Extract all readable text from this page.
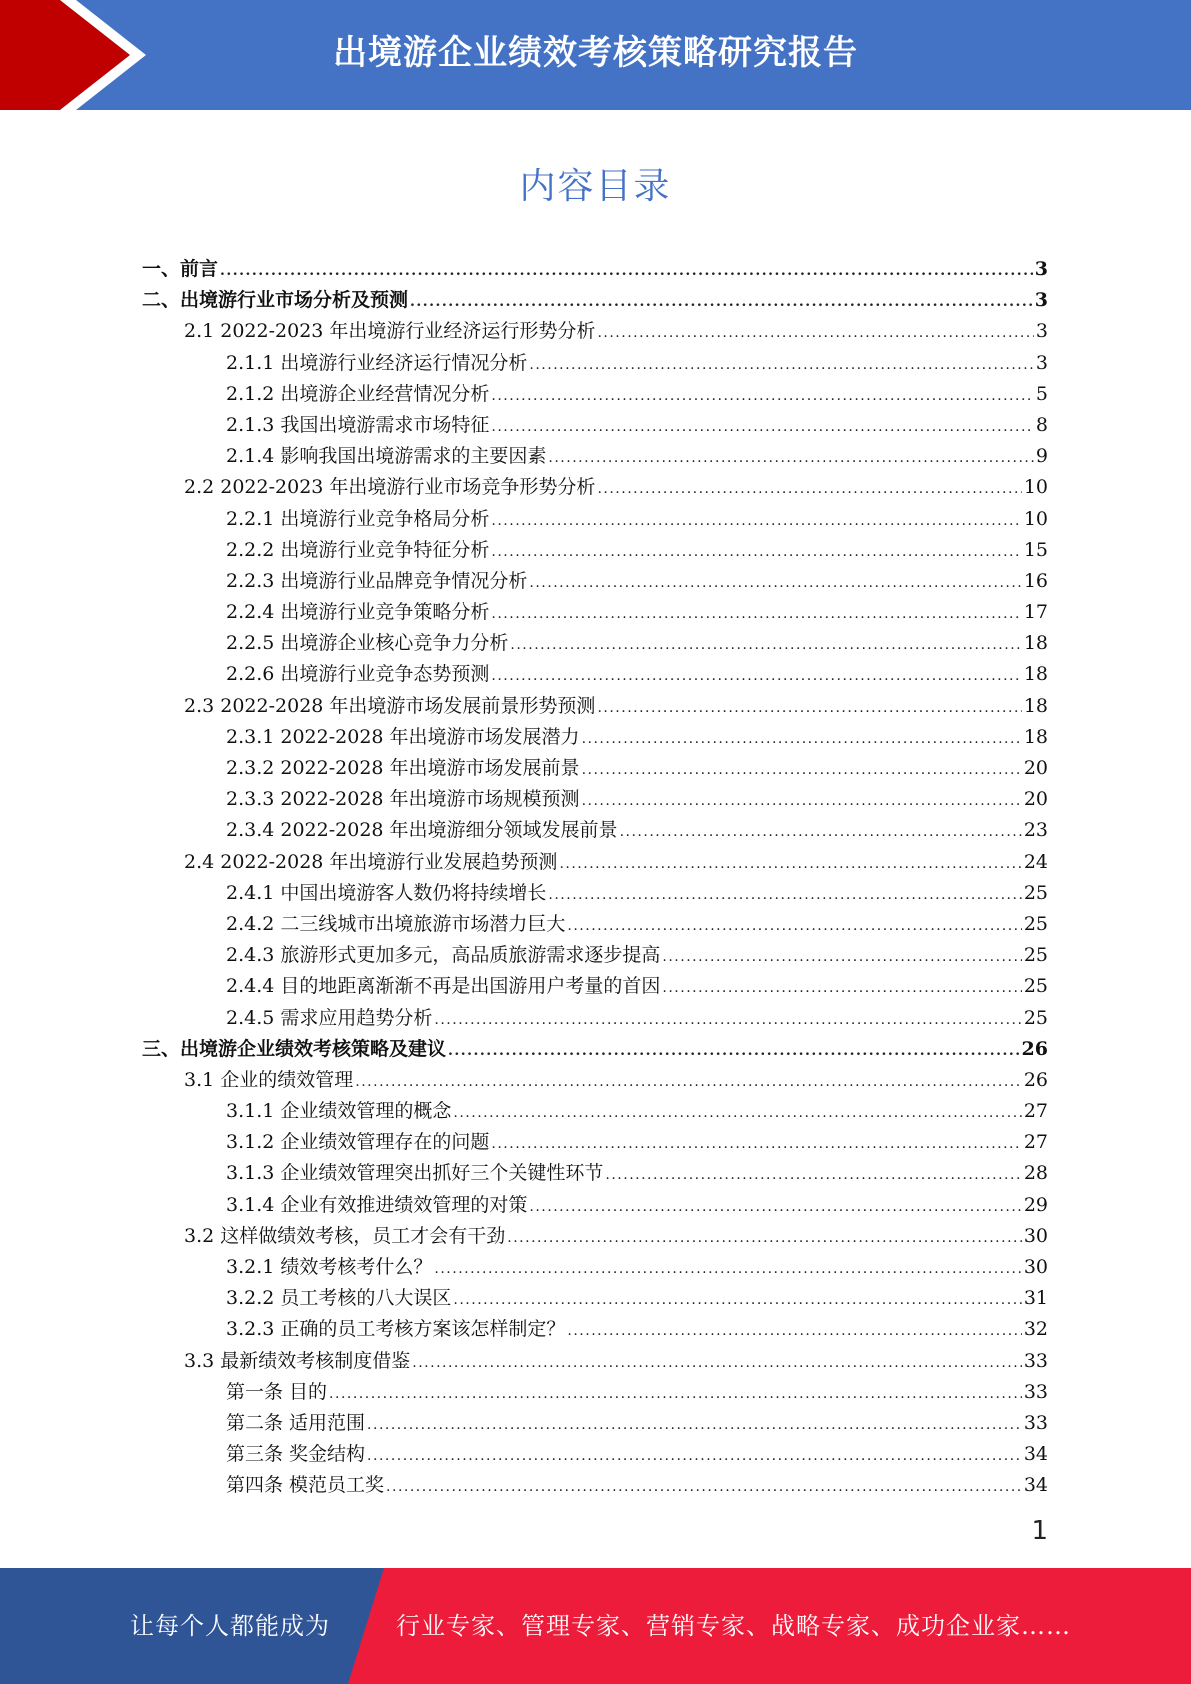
出境游企业绩效考核策略研究报告
内容目录
一、前言 .....	3
二、出境游行业市场分析及预测 .....	3
2.1 2022-2023 年出境游行业经济运行形势分析 .....	3
2.1.1 出境游行业经济运行情况分析 .....	3
2.1.2 出境游企业经营情况分析 .....	5
2.1.3 我国出境游需求市场特征 .....	8
2.1.4 影响我国出境游需求的主要因素 .....	9
2.2 2022-2023 年出境游行业市场竞争形势分析 .....	10
2.2.1 出境游行业竞争格局分析 .....	10
2.2.2 出境游行业竞争特征分析 .....	15
2.2.3 出境游行业品牌竞争情况分析 .....	16
2.2.4 出境游行业竞争策略分析 .....	17
2.2.5 出境游企业核心竞争力分析 .....	18
2.2.6 出境游行业竞争态势预测 .....	18
2.3 2022-2028 年出境游市场发展前景形势预测 .....	18
2.3.1 2022-2028 年出境游市场发展潜力 .....	18
2.3.2 2022-2028 年出境游市场发展前景 .....	20
2.3.3 2022-2028 年出境游市场规模预测 .....	20
2.3.4 2022-2028 年出境游细分领域发展前景 .....	23
2.4 2022-2028 年出境游行业发展趋势预测 .....	24
2.4.1 中国出境游客人数仍将持续增长 .....	25
2.4.2 二三线城市出境旅游市场潜力巨大 .....	25
2.4.3 旅游形式更加多元，高品质旅游需求逐步提高 .....	25
2.4.4 目的地距离渐渐不再是出国游用户考量的首因 .....	25
2.4.5 需求应用趋势分析 .....	25
三、出境游企业绩效考核策略及建议 .....	26
3.1 企业的绩效管理 .....	26
3.1.1 企业绩效管理的概念 .....	27
3.1.2 企业绩效管理存在的问题 .....	27
3.1.3 企业绩效管理突出抓好三个关键性环节 .....	28
3.1.4 企业有效推进绩效管理的对策 .....	29
3.2 这样做绩效考核，员工才会有干劲 .....	30
3.2.1 绩效考核考什么？ .....	30
3.2.2 员工考核的八大误区 .....	31
3.2.3 正确的员工考核方案该怎样制定？ .....	32
3.3 最新绩效考核制度借鉴 .....	33
第一条 目的 .....	33
第二条 适用范围 .....	33
第三条 奖金结构 .....	34
第四条 模范员工奖 .....	34
1
让每个人都能成为	行业专家、管理专家、营销专家、战略专家、成功企业家……
